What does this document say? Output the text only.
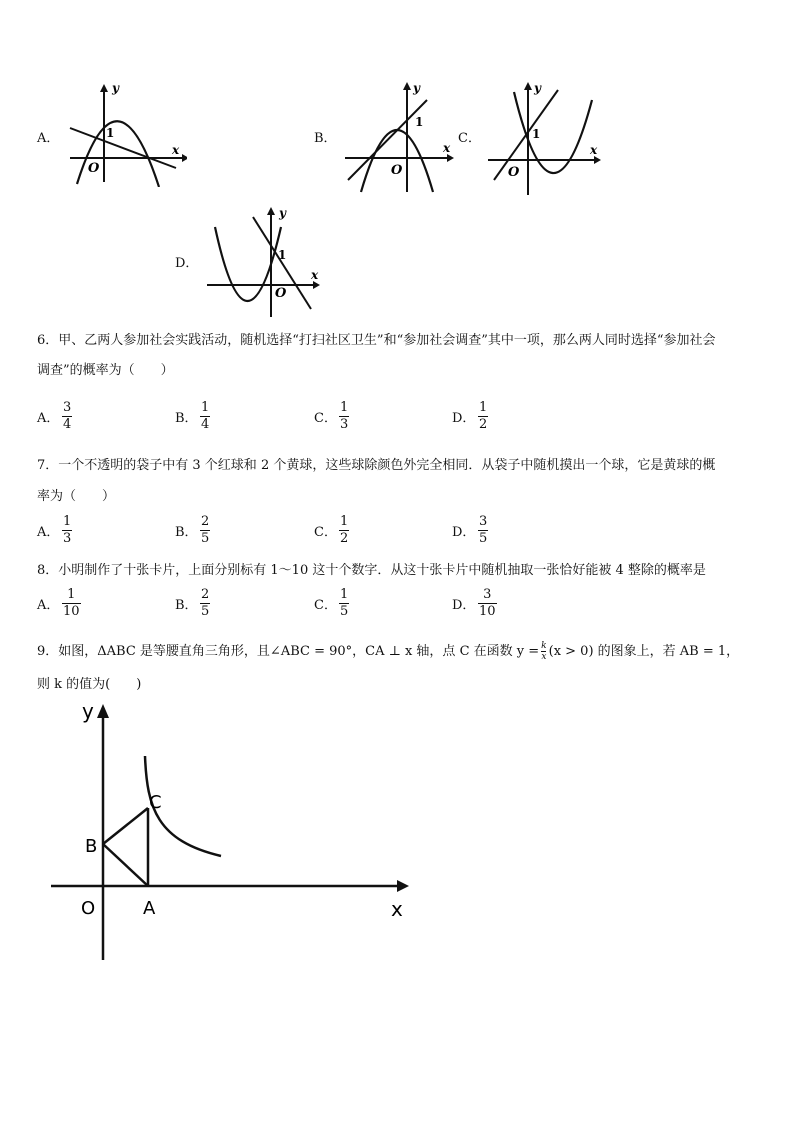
A．
y
x
O
1	B．
y
x
O
1
C．
y
x
O
1
D．
y
x
O
1
6．甲、乙两人参加社会实践活动，随机选择“打扫社区卫生”和“参加社会调查”其中一项，那么两人同时选择“参加社会
调查”的概率为（　　）
A． $\frac{3}{4}$	B． $\frac{1}{4}$	C． $\frac{1}{3}$	D． $\frac{1}{2}$
7．一个不透明的袋子中有 3 个红球和 2 个黄球，这些球除颜色外完全相同．从袋子中随机摸出一个球，它是黄球的概
率为（　　）
A． $\frac{1}{3}$	B． $\frac{2}{5}$	C． $\frac{1}{2}$	D． $\frac{3}{5}$
8．小明制作了十张卡片，上面分别标有 1～10 这十个数字．从这十张卡片中随机抽取一张恰好能被 4 整除的概率是
A． $\frac{1}{10}$	B． $\frac{2}{5}$	C． $\frac{1}{5}$	D． $\frac{3}{10}$
9．如图，ΔABC 是等腰直角三角形，且∠ABC = 90°，CA ⊥ x 轴，点 C 在函数 $y = \frac{k}{x} (x > 0)$ 的图象上，若 AB = 1，
则 k 的值为(　　)
y
x
O	A
B
C
